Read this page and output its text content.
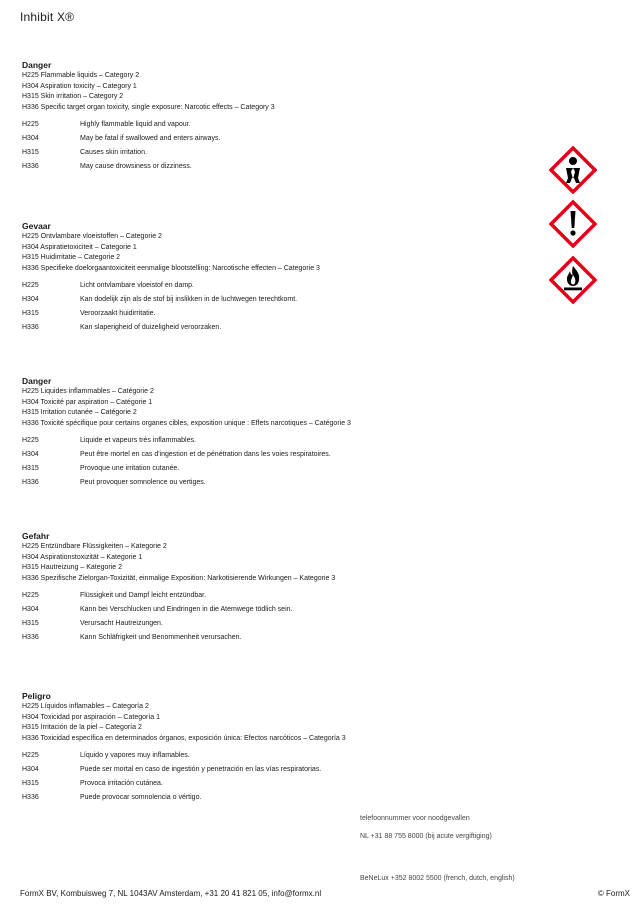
Inhibit X®
Danger
H225 Flammable liquids – Category 2
H304 Aspiration toxicity – Category 1
H315 Skin irritation – Category 2
H336 Specific target organ toxicity, single exposure: Narcotic effects – Category 3
H225	Highly flammable liquid and vapour.
H304	May be fatal if swallowed and enters airways.
H315	Causes skin irritation.
H336	May cause drowsiness or dizziness.
Gevaar
H225 Ontvlambare vloeistoffen – Categorie 2
H304 Aspiratietoxiciteit – Categorie 1
H315 Huidirritatie – Categorie 2
H336 Specifieke doelorgaantoxiciteit eenmalige blootstelling: Narcotische effecten – Categorie 3
H225	Licht ontvlambare vloeistof en damp.
H304	Kan dodelijk zijn als de stof bij inslikken in de luchtwegen terechtkomt.
H315	Veroorzaakt huidirritatie.
H336	Kan slaperigheid of duizeligheid veroorzaken.
Danger
H225 Liquides inflammables – Catégorie 2
H304 Toxicité par aspiration – Catégorie 1
H315 Irritation cutanée – Catégorie 2
H336 Toxicité spécifique pour certains organes cibles, exposition unique : Effets narcotiques – Catégorie 3
H225	Liquide et vapeurs très inflammables.
H304	Peut être mortel en cas d'ingestion et de pénétration dans les voies respiratoires.
H315	Provoque une irritation cutanée.
H336	Peut provoquer somnolence ou vertiges.
Gefahr
H225 Entzündbare Flüssigkeiten – Kategorie 2
H304 Aspirationstoxizität – Kategorie 1
H315 Hautreizung – Kategorie 2
H336 Spezifische Zielorgan-Toxizität, einmalige Exposition: Narkotisierende Wirkungen – Kategorie 3
H225	Flüssigkeit und Dampf leicht entzündbar.
H304	Kann bei Verschlucken und Eindringen in die Atemwege tödlich sein.
H315	Verursacht Hautreizungen.
H336	Kann Schläfrigkeit und Benommenheit verursachen.
Peligro
H225 Líquidos inflamables – Categoría 2
H304 Toxicidad por aspiración – Categoría 1
H315 Irritación de la piel – Categoría 2
H336 Toxicidad específica en determinados órganos, exposición única: Efectos narcóticos – Categoría 3
H225	Líquido y vapores muy inflamables.
H304	Puede ser mortal en caso de ingestión y penetración en las vías respiratorias.
H315	Provoca irritación cutánea.
H336	Puede provocar somnolencia o vértigo.
telefoonnummer voor noodgevallen
NL +31 88 755 8000 (bij acute vergiftiging)
BeNeLux +352 8002 5500 (french, dutch, english)
FormX BV, Kombuisweg 7, NL 1043AV Amsterdam, +31 20 41 821 05, info@formx.nl	© FormX
